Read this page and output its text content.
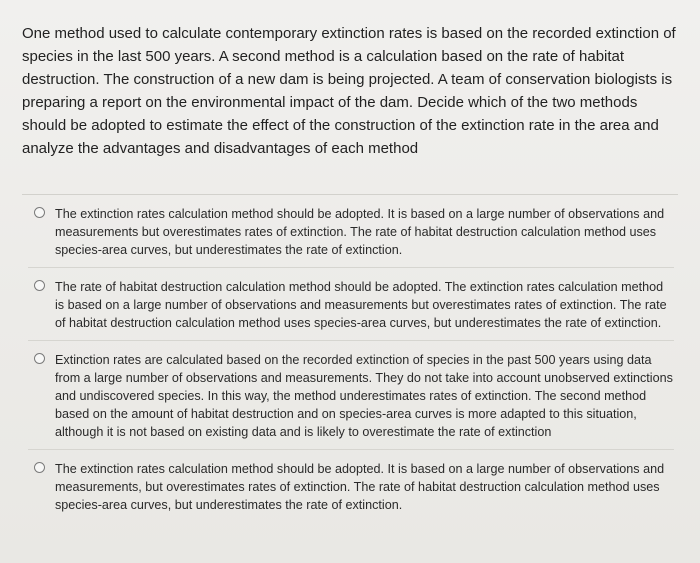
One method used to calculate contemporary extinction rates is based on the recorded extinction of species in the last 500 years. A second method is a calculation based on the rate of habitat destruction. The construction of a new dam is being projected. A team of conservation biologists is preparing a report on the environmental impact of the dam. Decide which of the two methods should be adopted to estimate the effect of the construction of the extinction rate in the area and analyze the advantages and disadvantages of each method

The extinction rates calculation method should be adopted. It is based on a large number of observations and measurements but overestimates rates of extinction. The rate of habitat destruction calculation method uses species-area curves, but underestimates the rate of extinction.
The rate of habitat destruction calculation method should be adopted. The extinction rates calculation method is based on a large number of observations and measurements but overestimates rates of extinction. The rate of habitat destruction calculation method uses species-area curves, but underestimates the rate of extinction.
Extinction rates are calculated based on the recorded extinction of species in the past 500 years using data from a large number of observations and measurements. They do not take into account unobserved extinctions and undiscovered species. In this way, the method underestimates rates of extinction. The second method based on the amount of habitat destruction and on species-area curves is more adapted to this situation, although it is not based on existing data and is likely to overestimate the rate of extinction
The extinction rates calculation method should be adopted. It is based on a large number of observations and measurements, but overestimates rates of extinction. The rate of habitat destruction calculation method uses species-area curves, but underestimates the rate of extinction.
